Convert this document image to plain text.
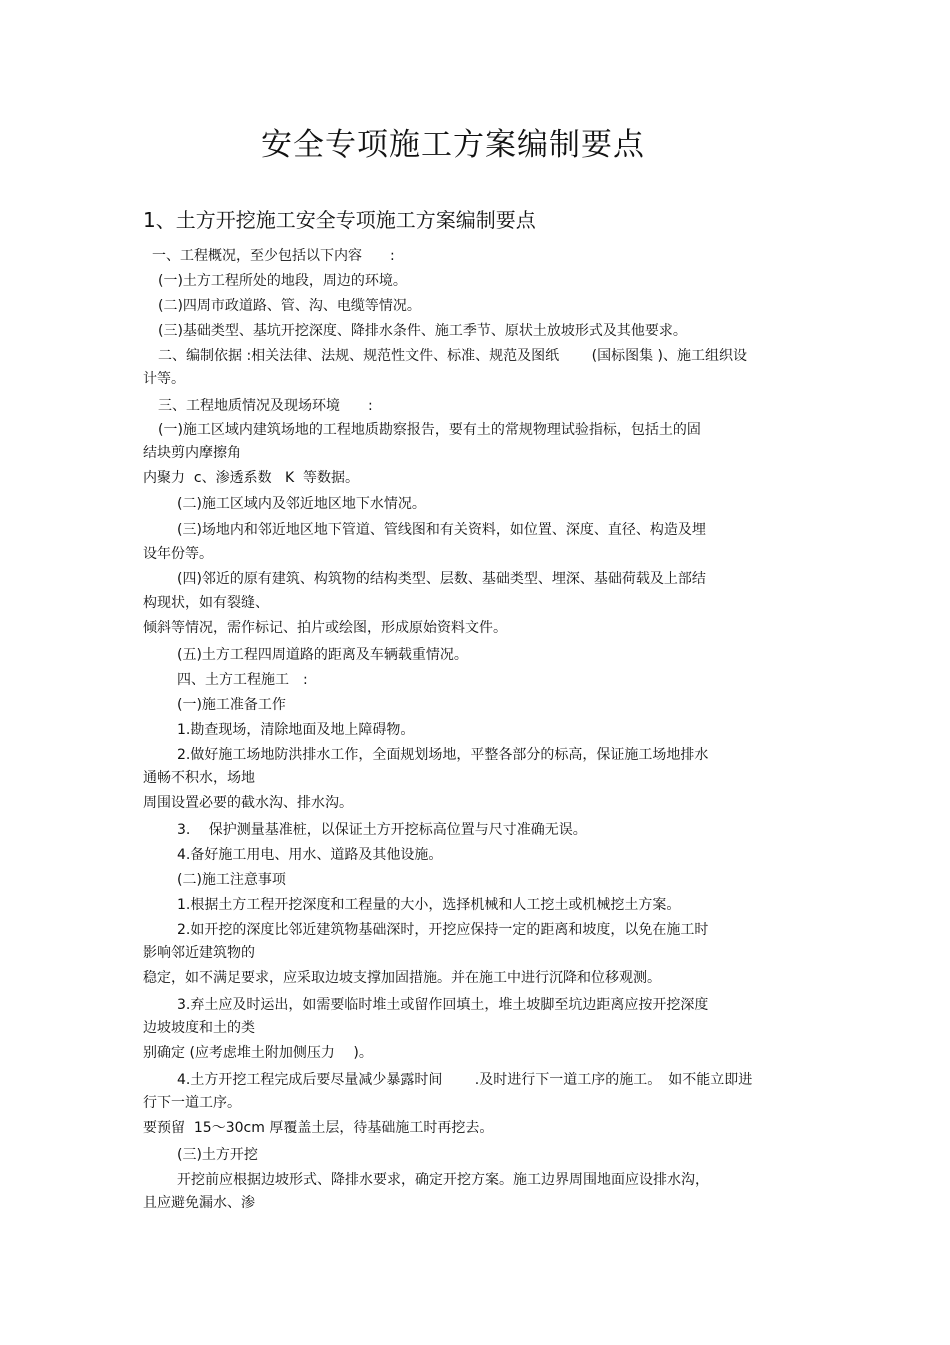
安全专项施工方案编制要点
1、土方开挖施工安全专项施工方案编制要点
一、工程概况，至少包括以下内容　　:
(一)土方工程所处的地段，周边的环境。
(二)四周市政道路、管、沟、电缆等情况。
(三)基础类型、基坑开挖深度、降排水条件、施工季节、原状土放坡形式及其他要求。
二、编制依据 :相关法律、法规、规范性文件、标准、规范及图纸　　 (国标图集 )、施工组织设
计等。
三、工程地质情况及现场环境　　:
(一)施工区域内建筑场地的工程地质勘察报告，要有土的常规物理试验指标，包括土的固
结块剪内摩擦角
内聚力  c、渗透系数   K  等数据。
(二)施工区域内及邻近地区地下水情况。
(三)场地内和邻近地区地下管道、管线图和有关资料，如位置、深度、直径、构造及埋
设年份等。
(四)邻近的原有建筑、构筑物的结构类型、层数、基础类型、埋深、基础荷载及上部结
构现状，如有裂缝、
倾斜等情况，需作标记、拍片或绘图，形成原始资料文件。
(五)土方工程四周道路的距离及车辆载重情况。
四、土方工程施工　:
(一)施工准备工作
1.勘查现场，清除地面及地上障碍物。
2.做好施工场地防洪排水工作，全面规划场地，平整各部分的标高，保证施工场地排水
通畅不积水，场地
周围设置必要的截水沟、排水沟。
3.　 保护测量基准桩，以保证土方开挖标高位置与尺寸准确无误。
4.备好施工用电、用水、道路及其他设施。
(二)施工注意事项
1.根据土方工程开挖深度和工程量的大小，选择机械和人工挖土或机械挖土方案。
2.如开挖的深度比邻近建筑物基础深时，开挖应保持一定的距离和坡度，以免在施工时
影响邻近建筑物的
稳定，如不满足要求，应采取边坡支撑加固措施。并在施工中进行沉降和位移观测。
3.弃土应及时运出，如需要临时堆土或留作回填土，堆土坡脚至坑边距离应按开挖深度
边坡坡度和土的类
别确定 (应考虑堆土附加侧压力　 )。
4.土方开挖工程完成后要尽量减少暴露时间　　 .及时进行下一道工序的施工。　如不能立即进
行下一道工序。
要预留  15～30cm 厚覆盖土层，待基础施工时再挖去。
(三)土方开挖
开挖前应根据边坡形式、降排水要求，确定开挖方案。施工边界周围地面应设排水沟，
且应避免漏水、渗
